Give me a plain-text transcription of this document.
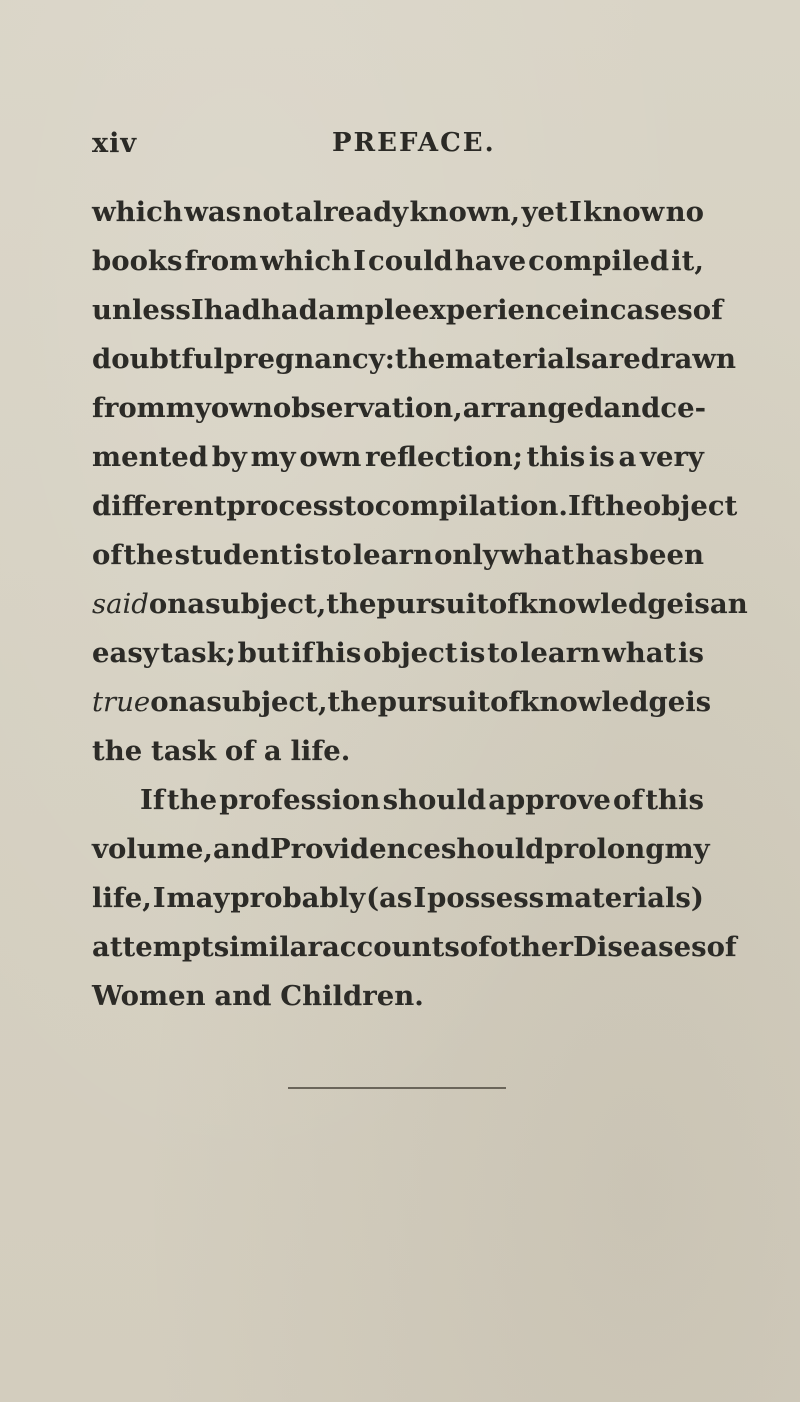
xiv	PREFACE.
which was not already known, yet I know no
books from which I could have compiled it,
unless I had had ample experience in cases of
doubtful pregnancy: the materials are drawn
from my own observation, arranged and ce-
mented by my own reflection; this is a very
different process to compilation. If the object
of the student is to learn only what has been
said on a subject, the pursuit of knowledge is an
easy task; but if his object is to learn what is
true on a subject, the pursuit of knowledge is
the task of a life.
If the profession should approve of this
volume, and Providence should prolong my
life, I may probably (as I possess materials)
attempt similar accounts of other Diseases of
Women and Children.
